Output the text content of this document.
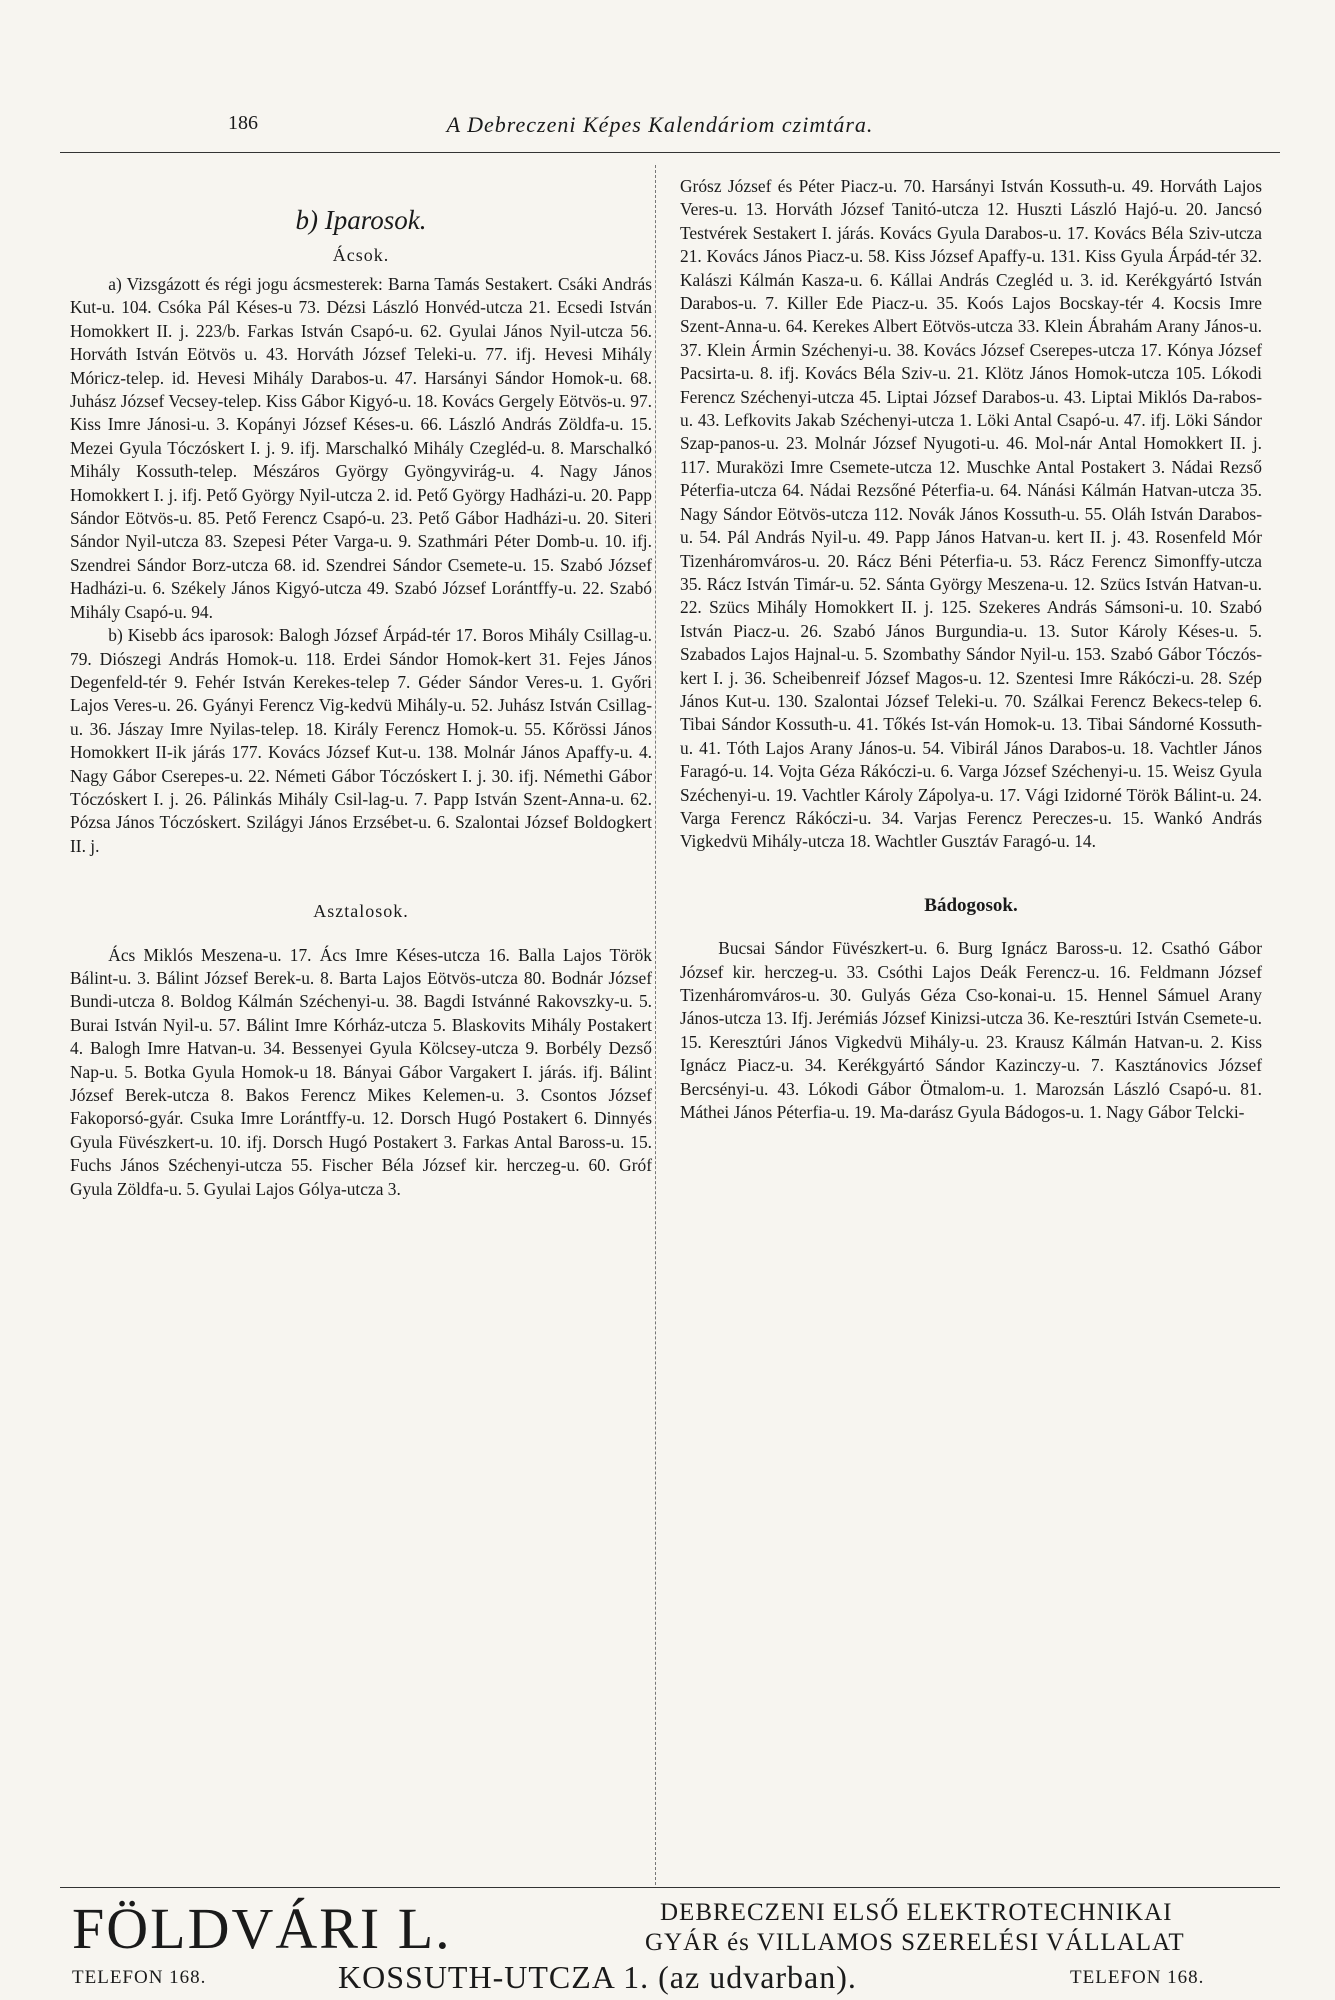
186	A Debreczeni Képes Kalendáriom czimtára.
b) Iparosok.
Ácsok.

a) Vizsgázott és régi jogu ácsmesterek: Barna Tamás Sestakert. Csáki András Kut-u. 104. Csóka Pál Késes-u 73. Dézsi László Honvéd-utcza 21. Ecsedi István Homokkert II. j. 223/b. Farkas István Csapó-u. 62. Gyulai János Nyil-utcza 56. Horváth István Eötvös u. 43. Horváth József Teleki-u. 77. ifj. Hevesi Mihály Móricz-telep. id. Hevesi Mihály Darabos-u. 47. Harsányi Sándor Homok-u. 68. Juhász József Vecsey-telep. Kiss Gábor Kigyó-u. 18. Kovács Gergely Eötvös-u. 97. Kiss Imre Jánosi-u. 3. Kopányi József Késes-u. 66. László András Zöldfa-u. 15. Mezei Gyula Tóczóskert I. j. 9. ifj. Marschalkó Mihály Czegléd-u. 8. Marschalkó Mihály Kossuth-telep. Mészáros György Gyöngyvirág-u. 4. Nagy János Homokkert I. j. ifj. Pető György Nyil-utcza 2. id. Pető György Hadházi-u. 20. Papp Sándor Eötvös-u. 85. Pető Ferencz Csapó-u. 23. Pető Gábor Hadházi-u. 20. Siteri Sándor Nyil-utcza 83. Szepesi Péter Varga-u. 9. Szathmári Péter Domb-u. 10. ifj. Szendrei Sándor Borz-utcza 68. id. Szendrei Sándor Csemete-u. 15. Szabó József Hadházi-u. 6. Székely János Kigyó-utcza 49. Szabó József Lorántffy-u. 22. Szabó Mihály Csapó-u. 94.

b) Kisebb ács iparosok: Balogh József Árpád-tér 17. Boros Mihály Csillag-u. 79. Diószegi András Homok-u. 118. Erdei Sándor Homok-kert 31. Fejes János Degenfeld-tér 9. Fehér István Kerekes-telep 7. Géder Sándor Veres-u. 1. Győri Lajos Veres-u. 26. Gyányi Ferencz Vig-kedvü Mihály-u. 52. Juhász István Csillag-u. 36. Jászay Imre Nyilas-telep. 18. Király Ferencz Homok-u. 55. Kőrössi János Homokkert II-ik járás 177. Kovács József Kut-u. 138. Molnár János Apaffy-u. 4. Nagy Gábor Cserepes-u. 22. Németi Gábor Tóczóskert I. j. 30. ifj. Némethi Gábor Tóczóskert I. j. 26. Pálinkás Mihály Csil-lag-u. 7. Papp István Szent-Anna-u. 62. Pózsa János Tóczóskert. Szilágyi János Erzsébet-u. 6. Szalontai József Boldogkert II. j.

Asztalosok.

Ács Miklós Meszena-u. 17. Ács Imre Késes-utcza 16. Balla Lajos Török Bálint-u. 3. Bálint József Berek-u. 8. Barta Lajos Eötvös-utcza 80. Bodnár József Bundi-utcza 8. Boldog Kálmán Széchenyi-u. 38. Bagdi Istvánné Rakovszky-u. 5. Burai István Nyil-u. 57. Bálint Imre Kórház-utcza 5. Blaskovits Mihály Postakert 4. Balogh Imre Hatvan-u. 34. Bessenyei Gyula Kölcsey-utcza 9. Borbély Dezső Nap-u. 5. Botka Gyula Homok-u 18. Bányai Gábor Vargakert I. járás. ifj. Bálint József Berek-utcza 8. Bakos Ferencz Mikes Kelemen-u. 3. Csontos József Fakoporsó-gyár. Csuka Imre Lorántffy-u. 12. Dorsch Hugó Postakert 6. Dinnyés Gyula Füvészkert-u. 10. ifj. Dorsch Hugó Postakert 3. Farkas Antal Baross-u. 15. Fuchs János Széchenyi-utcza 55. Fischer Béla József kir. herczeg-u. 60. Gróf Gyula Zöldfa-u. 5. Gyulai Lajos Gólya-utcza 3.

Grósz József és Péter Piacz-u. 70. Harsányi István Kossuth-u. 49. Horváth Lajos Veres-u. 13. Horváth József Tanitó-utcza 12. Huszti László Hajó-u. 20. Jancsó Testvérek Sestakert I. járás. Kovács Gyula Darabos-u. 17. Kovács Béla Sziv-utcza 21. Kovács János Piacz-u. 58. Kiss József Apaffy-u. 131. Kiss Gyula Árpád-tér 32. Kalászi Kálmán Kasza-u. 6. Kállai András Czegléd u. 3. id. Kerékgyártó István Darabos-u. 7. Killer Ede Piacz-u. 35. Koós Lajos Bocskay-tér 4. Kocsis Imre Szent-Anna-u. 64. Kerekes Albert Eötvös-utcza 33. Klein Ábrahám Arany János-u. 37. Klein Ármin Széchenyi-u. 38. Kovács József Cserepes-utcza 17. Kónya József Pacsirta-u. 8. ifj. Kovács Béla Sziv-u. 21. Klötz János Homok-utcza 105. Lókodi Ferencz Széchenyi-utcza 45. Liptai József Darabos-u. 43. Liptai Miklós Da-rabos-u. 43. Lefkovits Jakab Széchenyi-utcza 1. Löki Antal Csapó-u. 47. ifj. Löki Sándor Szap-panos-u. 23. Molnár József Nyugoti-u. 46. Mol-nár Antal Homokkert II. j. 117. Muraközi Imre Csemete-utcza 12. Muschke Antal Postakert 3. Nádai Rezső Péterfia-utcza 64. Nádai Rezsőné Péterfia-u. 64. Nánási Kálmán Hatvan-utcza 35. Nagy Sándor Eötvös-utcza 112. Novák János Kossuth-u. 55. Oláh István Darabos-u. 54. Pál András Nyil-u. 49. Papp János Hatvan-u. kert II. j. 43. Rosenfeld Mór Tizenháromváros-u. 20. Rácz Béni Péterfia-u. 53. Rácz Ferencz Simonffy-utcza 35. Rácz István Timár-u. 52. Sánta György Meszena-u. 12. Szücs István Hatvan-u. 22. Szücs Mihály Homokkert II. j. 125. Szekeres András Sámsoni-u. 10. Szabó István Piacz-u. 26. Szabó János Burgundia-u. 13. Sutor Károly Késes-u. 5. Szabados Lajos Hajnal-u. 5. Szombathy Sándor Nyil-u. 153. Szabó Gábor Tóczós-kert I. j. 36. Scheibenreif József Magos-u. 12. Szentesi Imre Rákóczi-u. 28. Szép János Kut-u. 130. Szalontai József Teleki-u. 70. Szálkai Ferencz Bekecs-telep 6. Tibai Sándor Kossuth-u. 41. Tőkés Ist-ván Homok-u. 13. Tibai Sándorné Kossuth-u. 41. Tóth Lajos Arany János-u. 54. Vibirál János Darabos-u. 18. Vachtler János Faragó-u. 14. Vojta Géza Rákóczi-u. 6. Varga József Széchenyi-u. 15. Weisz Gyula Széchenyi-u. 19. Vachtler Károly Zápolya-u. 17. Vági Izidorné Török Bálint-u. 24. Varga Ferencz Rákóczi-u. 34. Varjas Ferencz Pereczes-u. 15. Wankó András Vigkedvü Mihály-utcza 18. Wachtler Gusztáv Faragó-u. 14.

Bádogosok.

Bucsai Sándor Füvészkert-u. 6. Burg Ignácz Baross-u. 12. Csathó Gábor József kir. herczeg-u. 33. Csóthi Lajos Deák Ferencz-u. 16. Feldmann József Tizenháromváros-u. 30. Gulyás Géza Cso-konai-u. 15. Hennel Sámuel Arany János-utcza 13. Ifj. Jerémiás József Kinizsi-utcza 36. Ke-resztúri István Csemete-u. 15. Keresztúri János Vigkedvü Mihály-u. 23. Krausz Kálmán Hatvan-u. 2. Kiss Ignácz Piacz-u. 34. Kerékgyártó Sándor Kazinczy-u. 7. Kasztánovics József Bercsényi-u. 43. Lókodi Gábor Ötmalom-u. 1. Marozsán László Csapó-u. 81. Máthei János Péterfia-u. 19. Ma-darász Gyula Bádogos-u. 1. Nagy Gábor Telcki-

FÖLDVÁRI L.	DEBRECZENI ELSŐ ELEKTROTECHNIKAI
GYÁR és VILLAMOS SZERELÉSI VÁLLALAT
TELEFON 168.	KOSSUTH-UTCZA 1. (az udvarban).	TELEFON 168.
